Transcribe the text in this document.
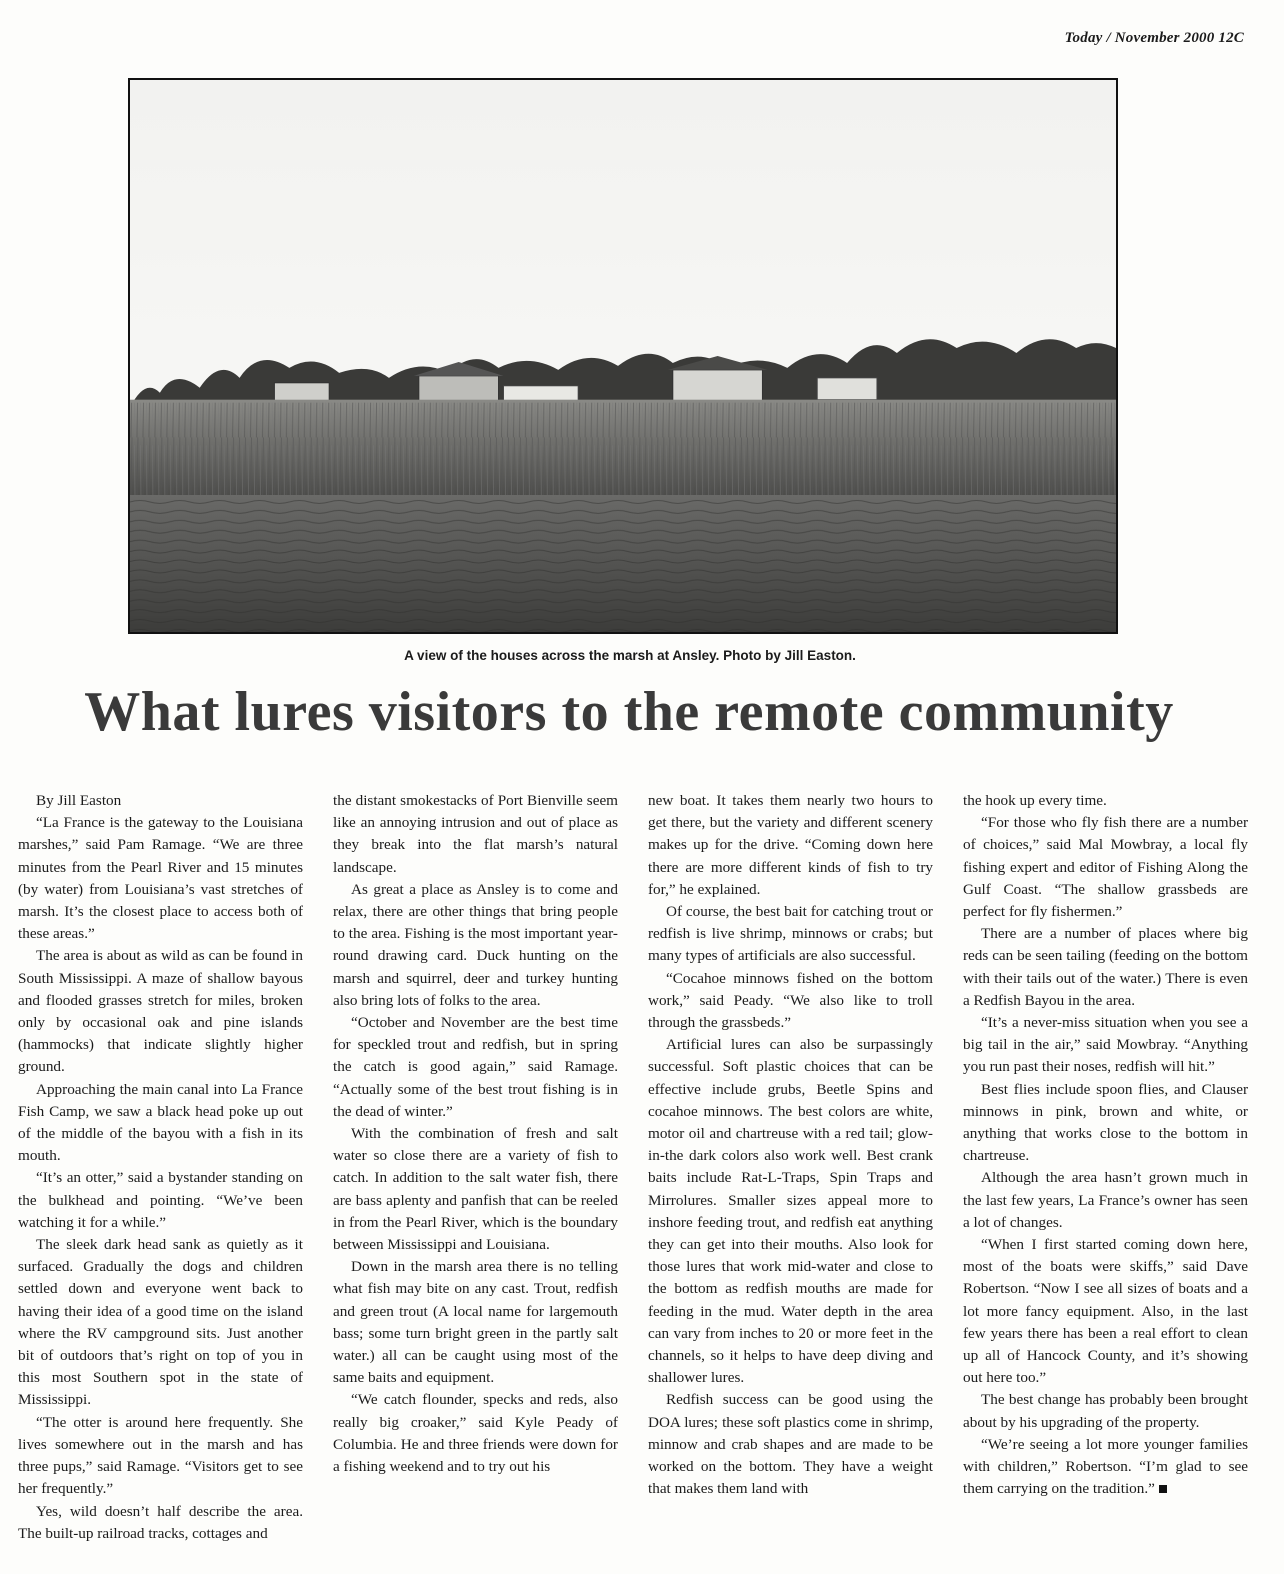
Today / November 2000 12C
A view of the houses across the marsh at Ansley. Photo by Jill Easton.
What lures visitors to the remote community

By Jill Easton

“La France is the gateway to the Louisiana marshes,” said Pam Ramage. “We are three minutes from the Pearl River and 15 minutes (by water) from Louisiana’s vast stretches of marsh. It’s the closest place to access both of these areas.”

The area is about as wild as can be found in South Mississippi. A maze of shallow bayous and flooded grasses stretch for miles, broken only by occasional oak and pine islands (hammocks) that indicate slightly higher ground.

Approaching the main canal into La France Fish Camp, we saw a black head poke up out of the middle of the bayou with a fish in its mouth.

“It’s an otter,” said a bystander standing on the bulkhead and pointing. “We’ve been watching it for a while.”

The sleek dark head sank as quietly as it surfaced. Gradually the dogs and children settled down and everyone went back to having their idea of a good time on the island where the RV campground sits. Just another bit of outdoors that’s right on top of you in this most Southern spot in the state of Mississippi.

“The otter is around here frequently. She lives somewhere out in the marsh and has three pups,” said Ramage. “Visitors get to see her frequently.”

Yes, wild doesn’t half describe the area. The built-up railroad tracks, cottages and

the distant smokestacks of Port Bienville seem like an annoying intrusion and out of place as they break into the flat marsh’s natural landscape.

As great a place as Ansley is to come and relax, there are other things that bring people to the area. Fishing is the most important year-round drawing card. Duck hunting on the marsh and squirrel, deer and turkey hunting also bring lots of folks to the area.

“October and November are the best time for speckled trout and redfish, but in spring the catch is good again,” said Ramage. “Actually some of the best trout fishing is in the dead of winter.”

With the combination of fresh and salt water so close there are a variety of fish to catch. In addition to the salt water fish, there are bass aplenty and panfish that can be reeled in from the Pearl River, which is the boundary between Mississippi and Louisiana.

Down in the marsh area there is no telling what fish may bite on any cast. Trout, redfish and green trout (A local name for largemouth bass; some turn bright green in the partly salt water.) all can be caught using most of the same baits and equipment.

“We catch flounder, specks and reds, also really big croaker,” said Kyle Peady of Columbia. He and three friends were down for a fishing weekend and to try out his

new boat. It takes them nearly two hours to get there, but the variety and different scenery makes up for the drive. “Coming down here there are more different kinds of fish to try for,” he explained.

Of course, the best bait for catching trout or redfish is live shrimp, minnows or crabs; but many types of artificials are also successful.

“Cocahoe minnows fished on the bottom work,” said Peady. “We also like to troll through the grassbeds.”

Artificial lures can also be surpassingly successful. Soft plastic choices that can be effective include grubs, Beetle Spins and cocahoe minnows. The best colors are white, motor oil and chartreuse with a red tail; glow-in-the dark colors also work well. Best crank baits include Rat-L-Traps, Spin Traps and Mirrolures. Smaller sizes appeal more to inshore feeding trout, and redfish eat anything they can get into their mouths. Also look for those lures that work mid-water and close to the bottom as redfish mouths are made for feeding in the mud. Water depth in the area can vary from inches to 20 or more feet in the channels, so it helps to have deep diving and shallower lures.

Redfish success can be good using the DOA lures; these soft plastics come in shrimp, minnow and crab shapes and are made to be worked on the bottom. They have a weight that makes them land with

the hook up every time.

“For those who fly fish there are a number of choices,” said Mal Mowbray, a local fly fishing expert and editor of Fishing Along the Gulf Coast. “The shallow grassbeds are perfect for fly fishermen.”

There are a number of places where big reds can be seen tailing (feeding on the bottom with their tails out of the water.) There is even a Redfish Bayou in the area.

“It’s a never-miss situation when you see a big tail in the air,” said Mowbray. “Anything you run past their noses, redfish will hit.”

Best flies include spoon flies, and Clauser minnows in pink, brown and white, or anything that works close to the bottom in chartreuse.

Although the area hasn’t grown much in the last few years, La France’s owner has seen a lot of changes.

“When I first started coming down here, most of the boats were skiffs,” said Dave Robertson. “Now I see all sizes of boats and a lot more fancy equipment. Also, in the last few years there has been a real effort to clean up all of Hancock County, and it’s showing out here too.”

The best change has probably been brought about by his upgrading of the property.

“We’re seeing a lot more younger families with children,” Robertson. “I’m glad to see them carrying on the tradition.”
